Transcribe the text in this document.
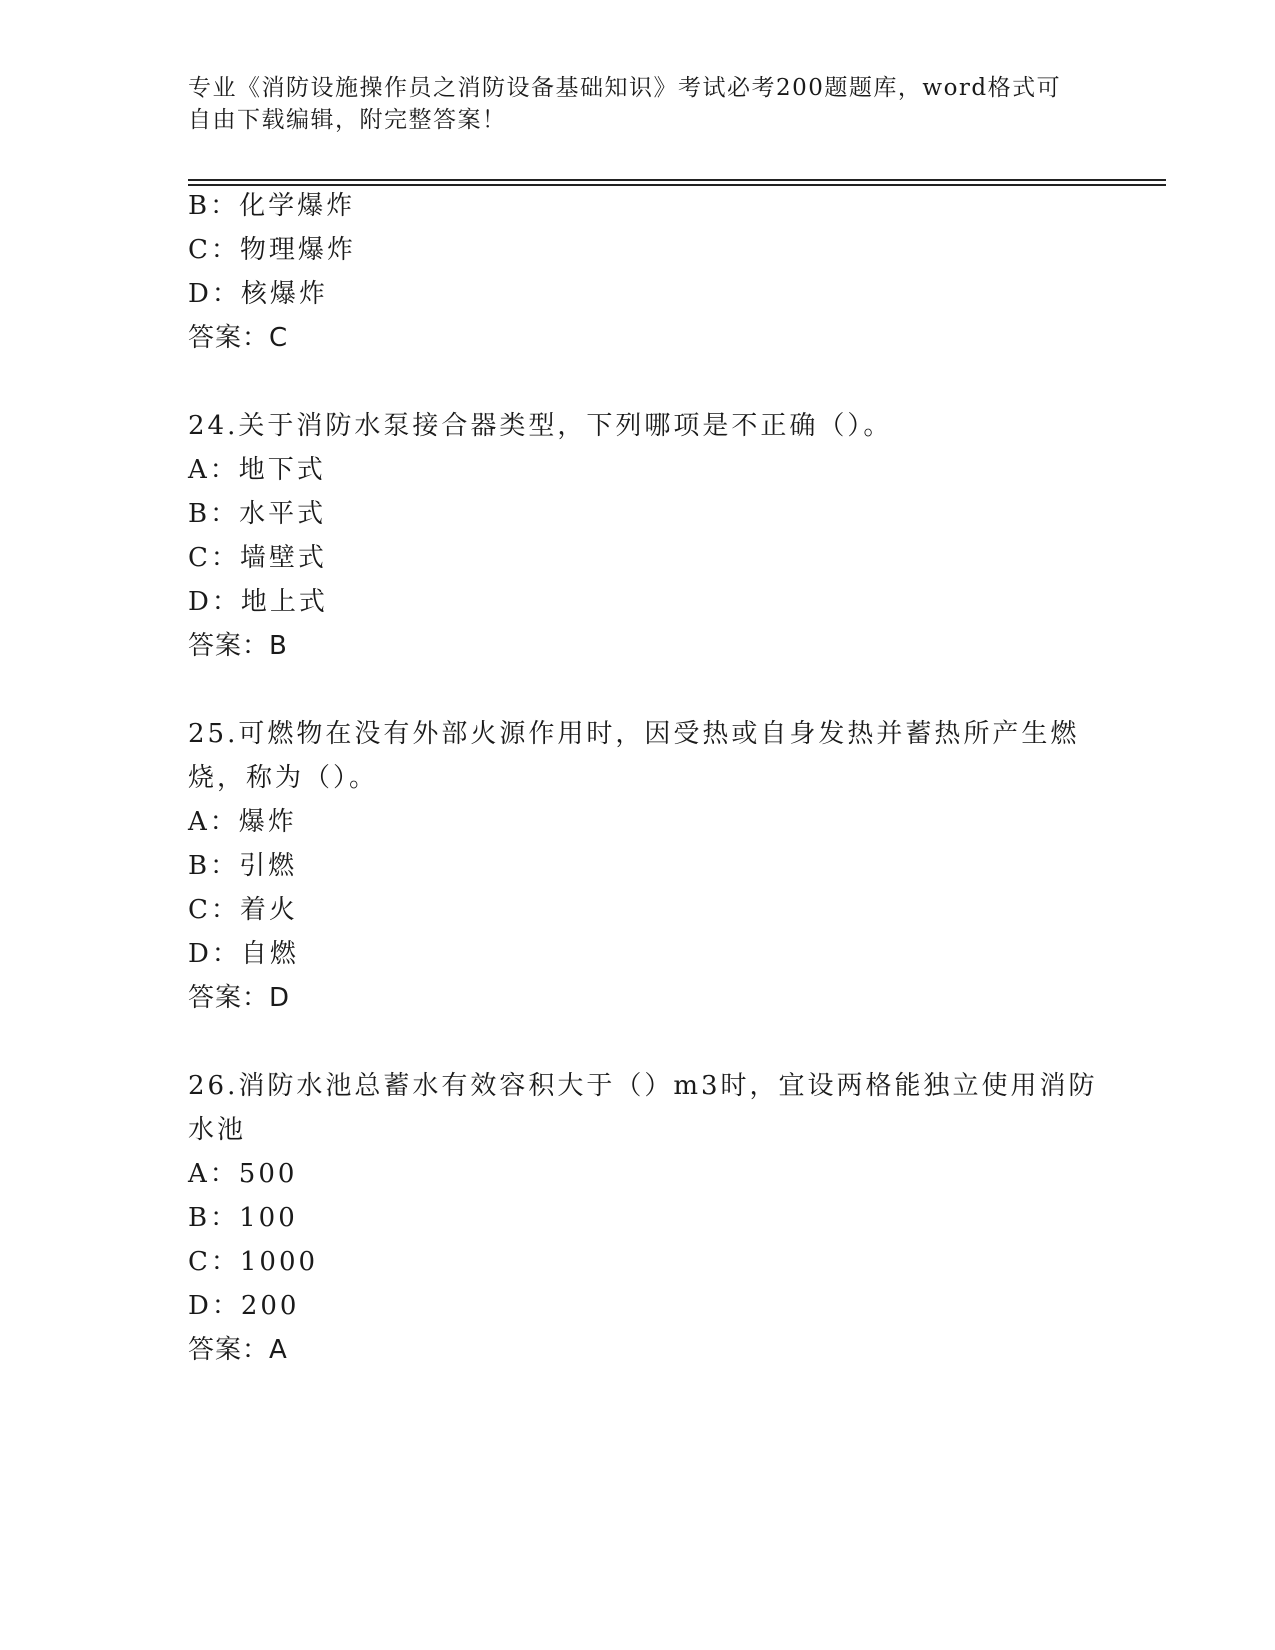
专业《消防设施操作员之消防设备基础知识》考试必考200题题库，word格式可
自由下载编辑，附完整答案！
B：化学爆炸
C：物理爆炸
D：核爆炸
答案：C
24.关于消防水泵接合器类型，下列哪项是不正确（）。
A：地下式
B：水平式
C：墙壁式
D：地上式
答案：B
25.可燃物在没有外部火源作用时，因受热或自身发热并蓄热所产生燃
烧，称为（）。
A：爆炸
B：引燃
C：着火
D：自燃
答案：D
26.消防水池总蓄水有效容积大于（）m3时，宜设两格能独立使用消防
水池
A：500
B：100
C：1000
D：200
答案：A
